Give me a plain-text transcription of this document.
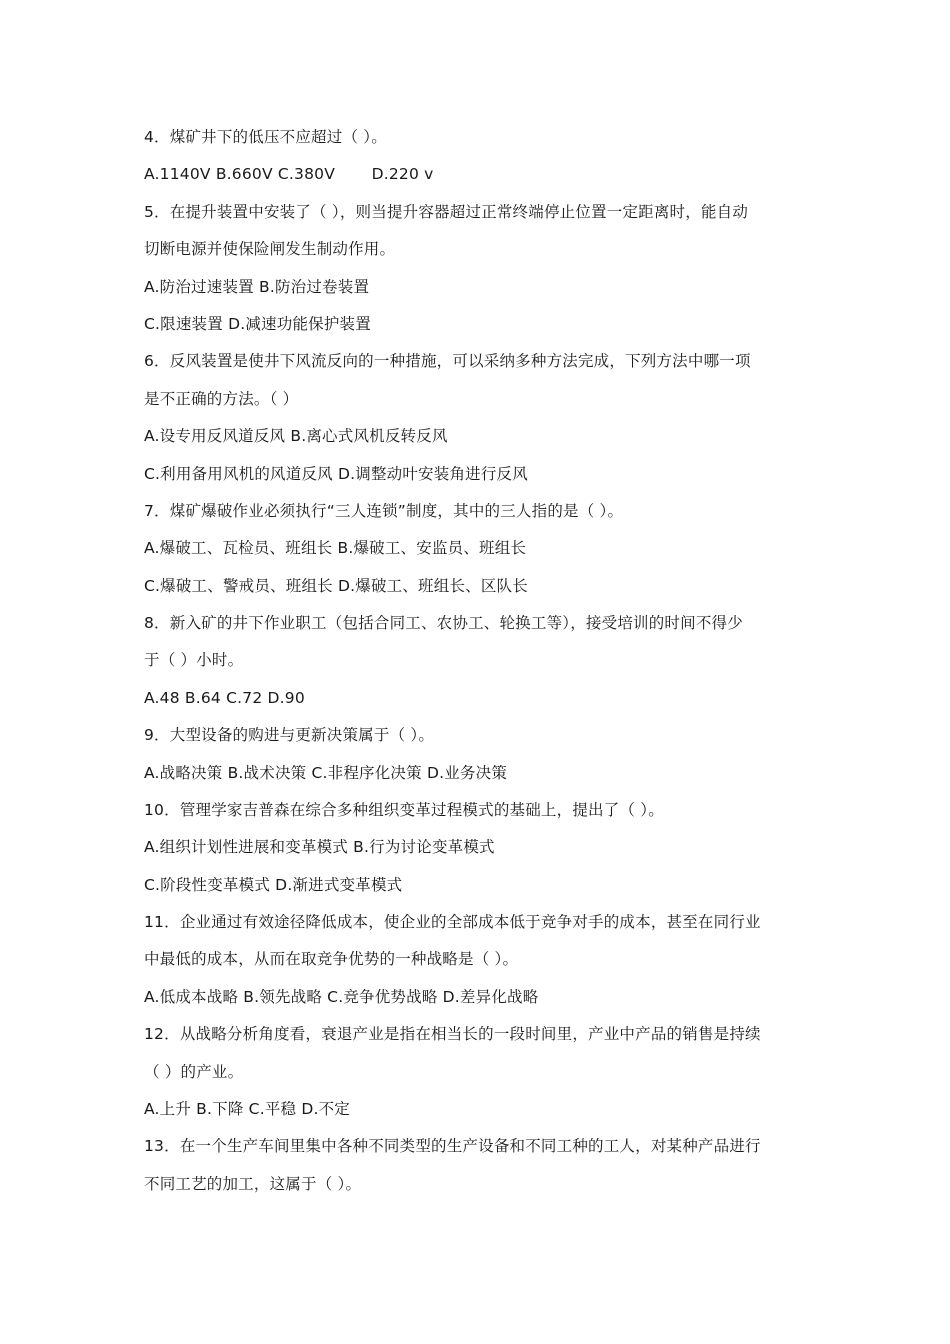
4．煤矿井下的低压不应超过（ ）。
A.1140V B.660V C.380V　　 D.220 v
5．在提升装置中安装了（ ），则当提升容器超过正常终端停止位置一定距离时，能自动
切断电源并使保险闸发生制动作用。
A.防治过速装置 B.防治过卷装置
C.限速装置 D.减速功能保护装置
6．反风装置是使井下风流反向的一种措施，可以采纳多种方法完成，下列方法中哪一项
是不正确的方法。（ ）
A.设专用反风道反风 B.离心式风机反转反风
C.利用备用风机的风道反风 D.调整动叶安装角进行反风
7．煤矿爆破作业必须执行“三人连锁”制度，其中的三人指的是（ ）。
A.爆破工、瓦检员、班组长 B.爆破工、安监员、班组长
C.爆破工、警戒员、班组长 D.爆破工、班组长、区队长
8．新入矿的井下作业职工（包括合同工、农协工、轮换工等），接受培训的时间不得少
于（ ）小时。
A.48 B.64 C.72 D.90
9．大型设备的购进与更新决策属于（ ）。
A.战略决策 B.战术决策 C.非程序化决策 D.业务决策
10．管理学家吉普森在综合多种组织变革过程模式的基础上，提出了（ ）。
A.组织计划性进展和变革模式 B.行为讨论变革模式
C.阶段性变革模式 D.渐进式变革模式
11．企业通过有效途径降低成本，使企业的全部成本低于竞争对手的成本，甚至在同行业
中最低的成本，从而在取竞争优势的一种战略是（ ）。
A.低成本战略 B.领先战略 C.竞争优势战略 D.差异化战略
12．从战略分析角度看，衰退产业是指在相当长的一段时间里，产业中产品的销售是持续
（ ）的产业。
A.上升 B.下降 C.平稳 D.不定
13．在一个生产车间里集中各种不同类型的生产设备和不同工种的工人，对某种产品进行
不同工艺的加工，这属于（ ）。
